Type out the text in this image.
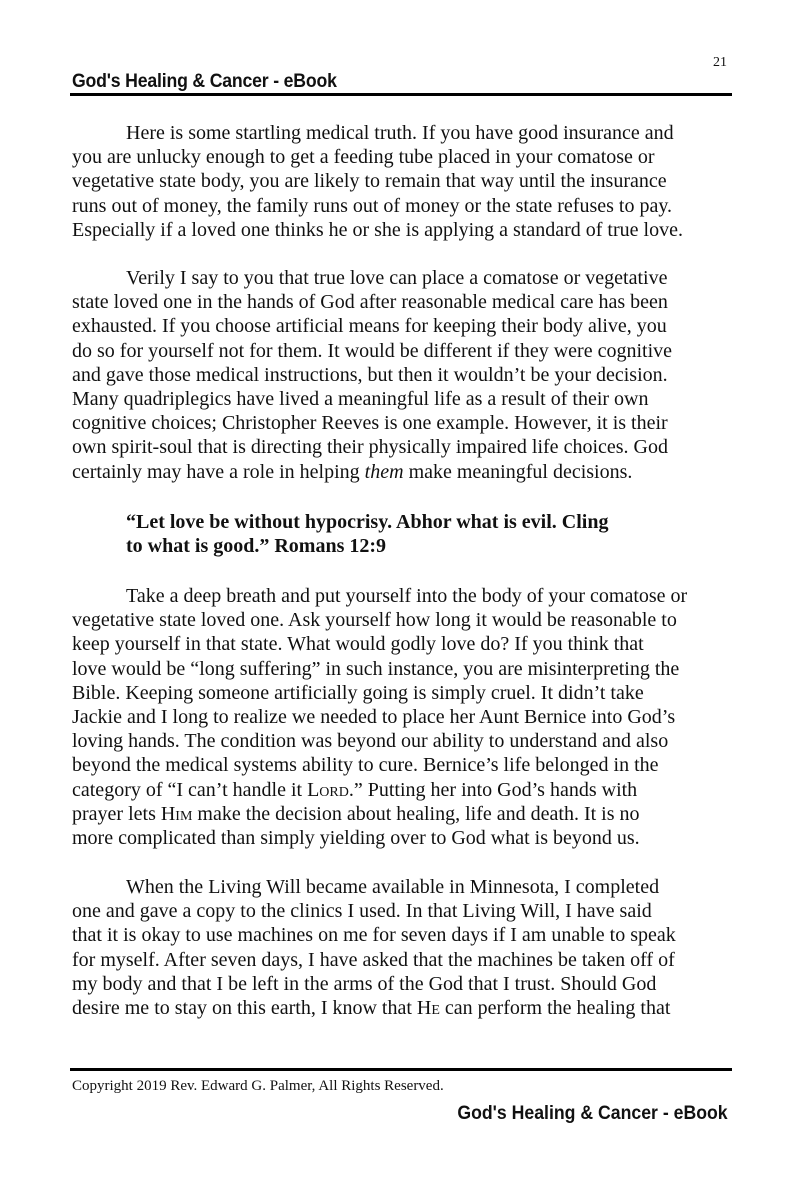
21
God's Healing & Cancer - eBook
Here is some startling medical truth. If you have good insurance and
you are unlucky enough to get a feeding tube placed in your comatose or
vegetative state body, you are likely to remain that way until the insurance
runs out of money, the family runs out of money or the state refuses to pay.
Especially if a loved one thinks he or she is applying a standard of true love.
Verily I say to you that true love can place a comatose or vegetative
state loved one in the hands of God after reasonable medical care has been
exhausted. If you choose artificial means for keeping their body alive, you
do so for yourself not for them. It would be different if they were cognitive
and gave those medical instructions, but then it wouldn’t be your decision.
Many quadriplegics have lived a meaningful life as a result of their own
cognitive choices; Christopher Reeves is one example. However, it is their
own spirit-soul that is directing their physically impaired life choices. God
certainly may have a role in helping them make meaningful decisions.
“Let love be without hypocrisy. Abhor what is evil. Cling
to what is good.” Romans 12:9
Take a deep breath and put yourself into the body of your comatose or
vegetative state loved one. Ask yourself how long it would be reasonable to
keep yourself in that state. What would godly love do? If you think that
love would be “long suffering” in such instance, you are misinterpreting the
Bible. Keeping someone artificially going is simply cruel. It didn’t take
Jackie and I long to realize we needed to place her Aunt Bernice into God’s
loving hands. The condition was beyond our ability to understand and also
beyond the medical systems ability to cure. Bernice’s life belonged in the
category of “I can’t handle it Lord.” Putting her into God’s hands with
prayer lets Him make the decision about healing, life and death. It is no
more complicated than simply yielding over to God what is beyond us.
When the Living Will became available in Minnesota, I completed
one and gave a copy to the clinics I used. In that Living Will, I have said
that it is okay to use machines on me for seven days if I am unable to speak
for myself. After seven days, I have asked that the machines be taken off of
my body and that I be left in the arms of the God that I trust. Should God
desire me to stay on this earth, I know that He can perform the healing that
Copyright 2019 Rev. Edward G. Palmer, All Rights Reserved.
God's Healing & Cancer - eBook
